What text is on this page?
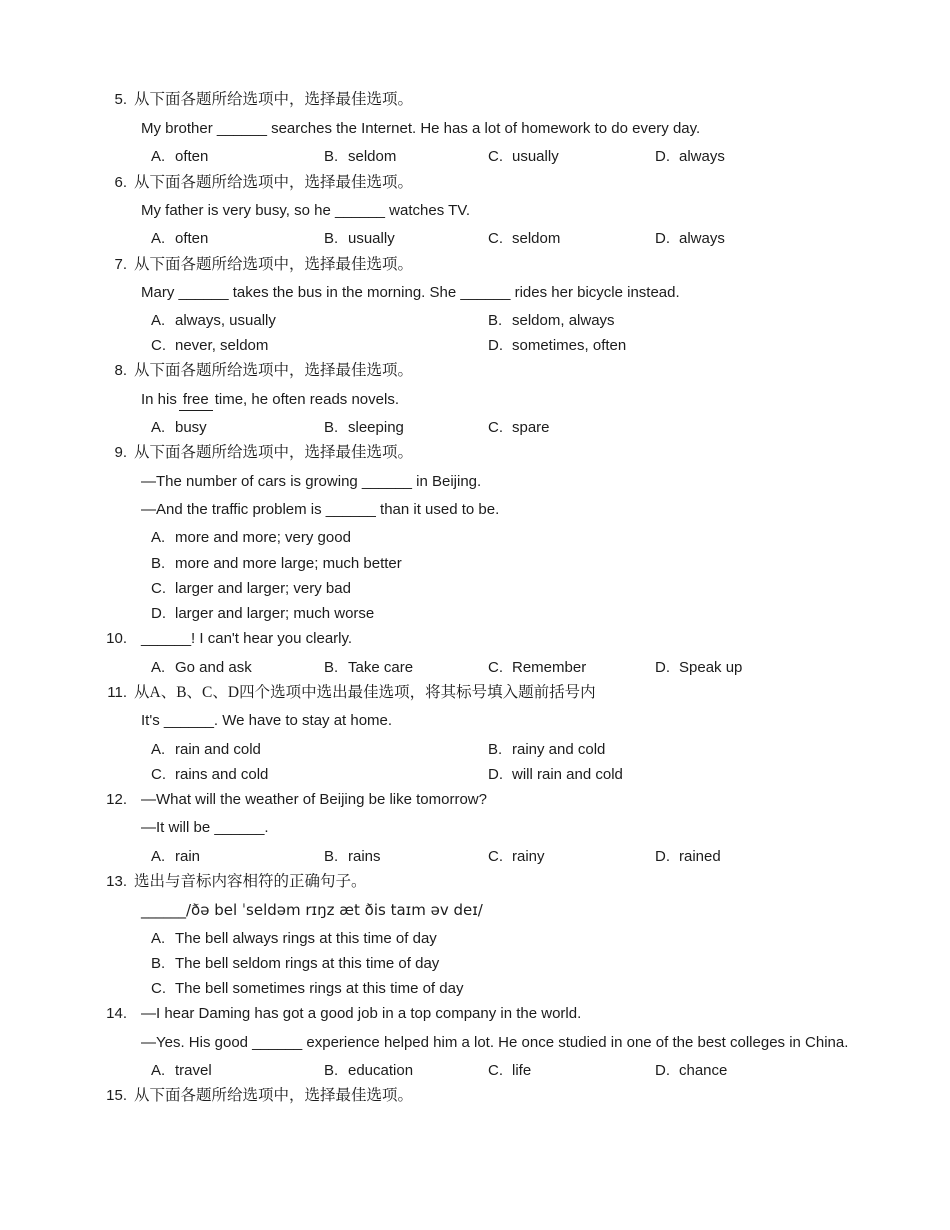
5. 从下面各题所给选项中，选择最佳选项。
My brother ______ searches the Internet. He has a lot of homework to do every day.
A. often	B. seldom	C. usually	D. always
6. 从下面各题所给选项中，选择最佳选项。
My father is very busy, so he ______ watches TV.
A. often	B. usually	C. seldom	D. always
7. 从下面各题所给选项中，选择最佳选项。
Mary ______ takes the bus in the morning. She ______ rides her bicycle instead.
A. always, usually	B. seldom, always
C. never, seldom	D. sometimes, often
8. 从下面各题所给选项中，选择最佳选项。
In his free time, he often reads novels.
A. busy	B. sleeping	C. spare
9. 从下面各题所给选项中，选择最佳选项。
—The number of cars is growing ______ in Beijing.
—And the traffic problem is ______ than it used to be.
A. more and more; very good
B. more and more large; much better
C. larger and larger; very bad
D. larger and larger; much worse
10. ______! I can't hear you clearly.
A. Go and ask	B. Take care	C. Remember	D. Speak up
11. 从A、B、C、D四个选项中选出最佳选项，将其标号填入题前括号内
It's ______. We have to stay at home.
A. rain and cold	B. rainy and cold
C. rains and cold	D. will rain and cold
12. —What will the weather of Beijing be like tomorrow?
—It will be ______.
A. rain	B. rains	C. rainy	D. rained
13. 选出与音标内容相符的正确句子。
______/ðə bel ˈseldəm rɪŋz æt ðis taɪm əv deɪ/
A. The bell always rings at this time of day
B. The bell seldom rings at this time of day
C. The bell sometimes rings at this time of day
14. —I hear Daming has got a good job in a top company in the world.
—Yes. His good ______ experience helped him a lot. He once studied in one of the best colleges in China.
A. travel	B. education	C. life	D. chance
15. 从下面各题所给选项中，选择最佳选项。
